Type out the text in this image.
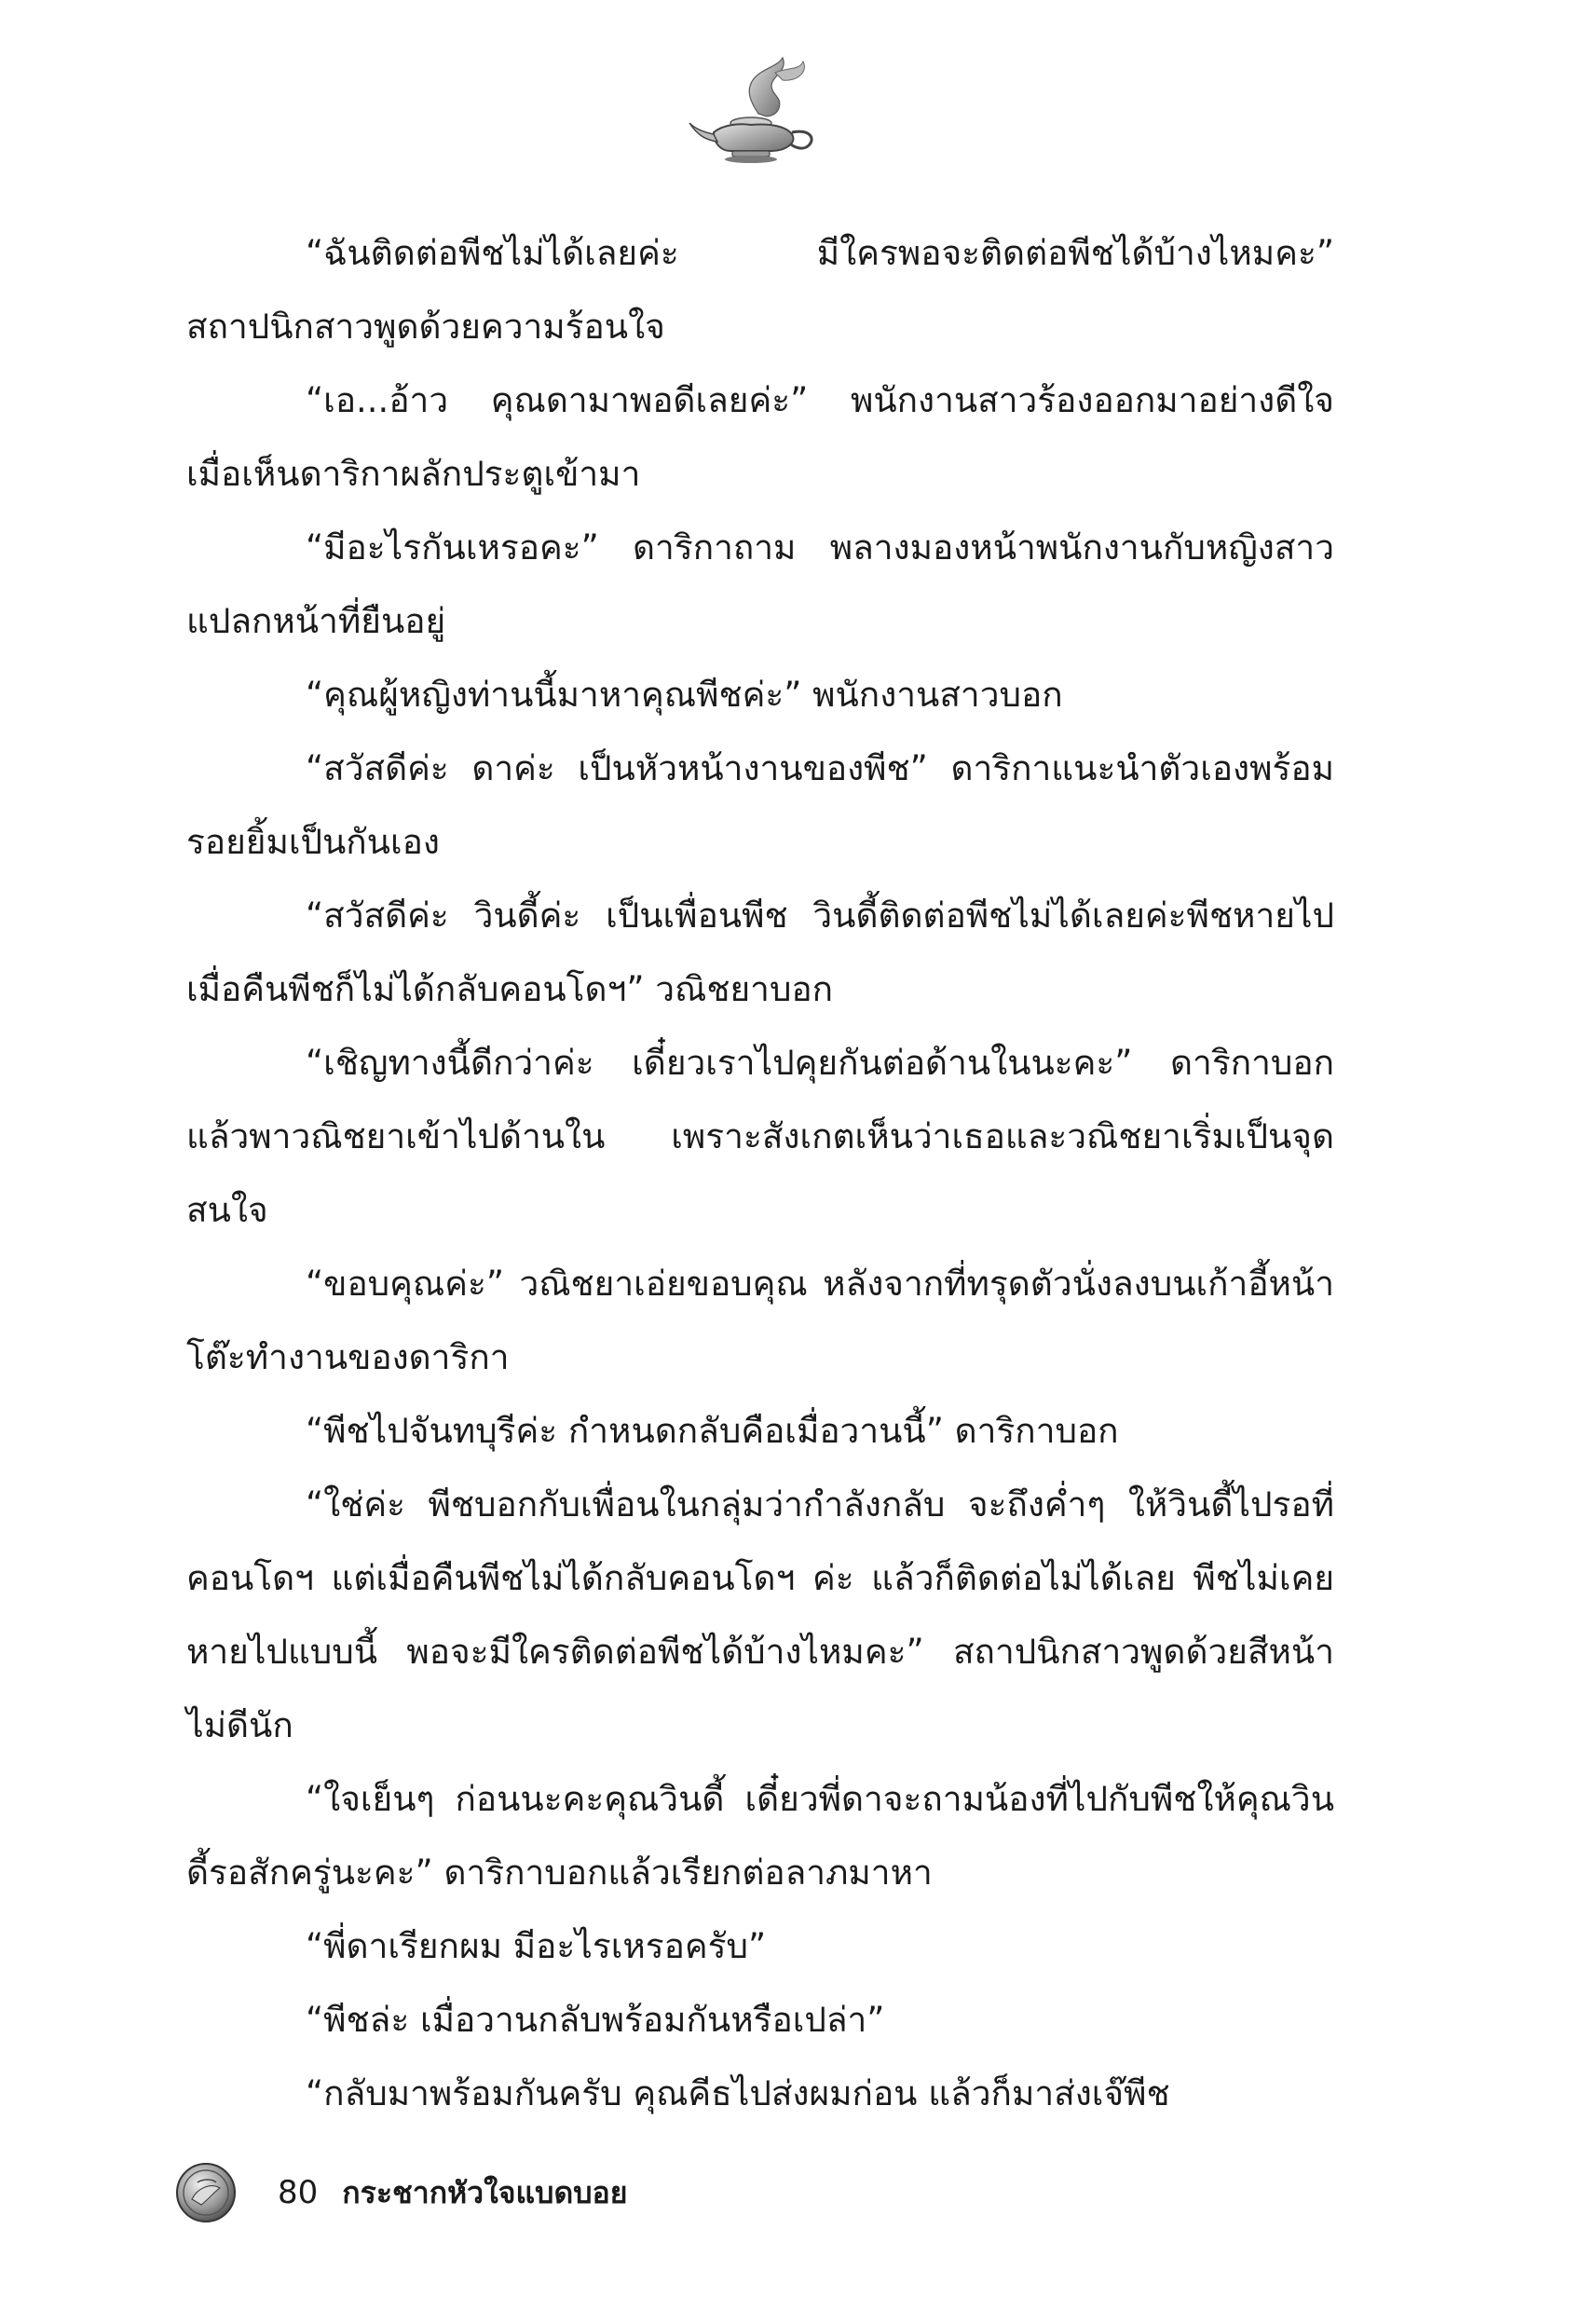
“ฉันติดต่อพีชไม่ได้เลยค่ะ มีใครพอจะติดต่อพีชได้บ้างไหมคะ” สถาปนิกสาวพูดด้วยความร้อนใจ

“เอ...อ้าว คุณดามาพอดีเลยค่ะ” พนักงานสาวร้องออกมาอย่างดีใจ เมื่อเห็นดาริกาผลักประตูเข้ามา

“มีอะไรกันเหรอคะ” ดาริกาถาม พลางมองหน้าพนักงานกับหญิงสาวแปลกหน้าที่ยืนอยู่

“คุณผู้หญิงท่านนี้มาหาคุณพีชค่ะ” พนักงานสาวบอก

“สวัสดีค่ะ ดาค่ะ เป็นหัวหน้างานของพีช” ดาริกาแนะนำตัวเองพร้อมรอยยิ้มเป็นกันเอง

“สวัสดีค่ะ วินดี้ค่ะ เป็นเพื่อนพีช วินดี้ติดต่อพีชไม่ได้เลยค่ะพีชหายไป เมื่อคืนพีชก็ไม่ได้กลับคอนโดฯ” วณิชยาบอก

“เชิญทางนี้ดีกว่าค่ะ เดี๋ยวเราไปคุยกันต่อด้านในนะคะ” ดาริกาบอกแล้วพาวณิชยาเข้าไปด้านใน เพราะสังเกตเห็นว่าเธอและวณิชยาเริ่มเป็นจุดสนใจ

“ขอบคุณค่ะ” วณิชยาเอ่ยขอบคุณ หลังจากที่ทรุดตัวนั่งลงบนเก้าอี้หน้าโต๊ะทำงานของดาริกา

“พีชไปจันทบุรีค่ะ กำหนดกลับคือเมื่อวานนี้” ดาริกาบอก

“ใช่ค่ะ พีชบอกกับเพื่อนในกลุ่มว่ากำลังกลับ จะถึงค่ำๆ ให้วินดี้ไปรอที่คอนโดฯ แต่เมื่อคืนพีชไม่ได้กลับคอนโดฯ ค่ะ แล้วก็ติดต่อไม่ได้เลย พีชไม่เคยหายไปแบบนี้ พอจะมีใครติดต่อพีชได้บ้างไหมคะ” สถาปนิกสาวพูดด้วยสีหน้าไม่ดีนัก

“ใจเย็นๆ ก่อนนะคะคุณวินดี้ เดี๋ยวพี่ดาจะถามน้องที่ไปกับพีชให้คุณวินดี้รอสักครู่นะคะ” ดาริกาบอกแล้วเรียกต่อลาภมาหา

“พี่ดาเรียกผม มีอะไรเหรอครับ”

“พีชล่ะ เมื่อวานกลับพร้อมกันหรือเปล่า”

“กลับมาพร้อมกันครับ คุณคีธไปส่งผมก่อน แล้วก็มาส่งเจ๊พีช

80 กระชากหัวใจแบดบอย
